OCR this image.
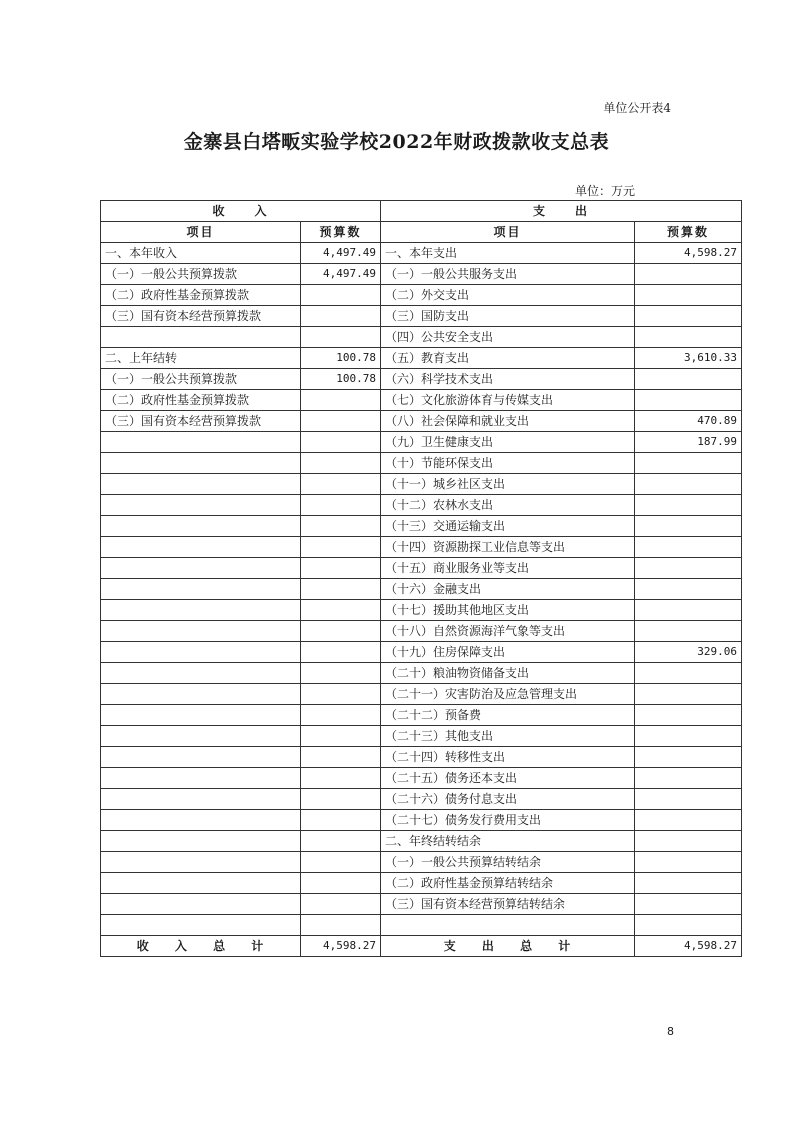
单位公开表4
金寨县白塔畈实验学校2022年财政拨款收支总表
单位：万元
收　　入		支　　出	
项目	预算数	项目	预算数
一、本年收入	4,497.49	一、本年支出	4,598.27
（一）一般公共预算拨款	4,497.49	（一）一般公共服务支出	
（二）政府性基金预算拨款		（二）外交支出	
（三）国有资本经营预算拨款		（三）国防支出	
		（四）公共安全支出	
二、上年结转	100.78	（五）教育支出	3,610.33
（一）一般公共预算拨款	100.78	（六）科学技术支出	
（二）政府性基金预算拨款		（七）文化旅游体育与传媒支出	
（三）国有资本经营预算拨款		（八）社会保障和就业支出	470.89
		（九）卫生健康支出	187.99
		（十）节能环保支出	
		（十一）城乡社区支出	
		（十二）农林水支出	
		（十三）交通运输支出	
		（十四）资源勘探工业信息等支出	
		（十五）商业服务业等支出	
		（十六）金融支出	
		（十七）援助其他地区支出	
		（十八）自然资源海洋气象等支出	
		（十九）住房保障支出	329.06
		（二十）粮油物资储备支出	
		（二十一）灾害防治及应急管理支出	
		（二十二）预备费	
		（二十三）其他支出	
		（二十四）转移性支出	
		（二十五）债务还本支出	
		（二十六）债务付息支出	
		（二十七）债务发行费用支出	
		二、年终结转结余	
		（一）一般公共预算结转结余	
		（二）政府性基金预算结转结余	
		（三）国有资本经营预算结转结余	

收 入 总 计	4,598.27	支 出 总 计	4,598.27
8
